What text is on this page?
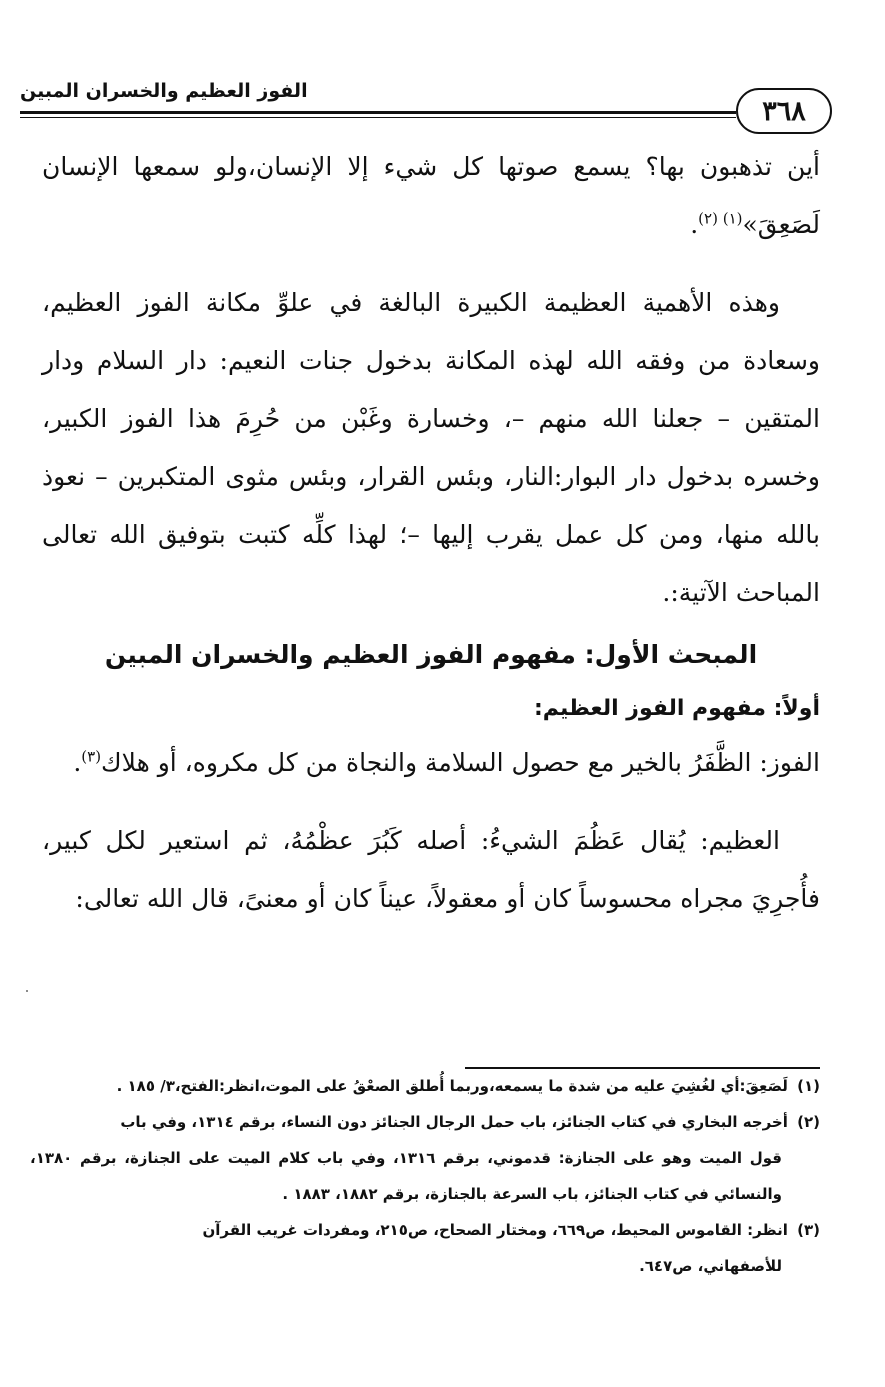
الفوز العظيم والخسران المبين
٣٦٨

أين تذهبون بها؟ يسمع صوتها كل شيء إلا الإنسان،ولو سمعها الإنسان لَصَعِقَ»$^{(١) (٢)}$.

وهذه الأهمية العظيمة الكبيرة البالغة في علوِّ مكانة الفوز العظيم، وسعادة من وفقه الله لهذه المكانة بدخول جنات النعيم: دار السلام ودار المتقين – جعلنا الله منهم –، وخسارة وغَبْن من حُرِمَ هذا الفوز الكبير، وخسره بدخول دار البوار:النار، وبئس القرار، وبئس مثوى المتكبرين – نعوذ بالله منها، ومن كل عمل يقرب إليها –؛ لهذا كلِّه كتبت بتوفيق الله تعالى المباحث الآتية:.

المبحث الأول: مفهوم الفوز العظيم والخسران المبين
أولاً: مفهوم الفوز العظيم:

الفوز: الظَّفَرُ بالخير مع حصول السلامة والنجاة من كل مكروه، أو هلاك$^{(٣)}$.

العظيم: يُقال عَظُمَ الشيءُ: أصله كَبُرَ عظْمُهُ، ثم استعير لكل كبير، فأُجرِيَ مجراه محسوساً كان أو معقولاً، عيناً كان أو معنىً، قال الله تعالى:

(١) لَصَعِقَ:أي لغُشِيَ عليه من شدة ما يسمعه،وربما أُطلق الصعْقُ على الموت،انظر:الفتح،٣/ ١٨٥ .

(٢) أخرجه البخاري في كتاب الجنائز، باب حمل الرجال الجنائز دون النساء، برقم ١٣١٤، وفي باب

قول الميت وهو على الجنازة: قدموني، برقم ١٣١٦، وفي باب كلام الميت على الجنازة، برقم ١٣٨٠، والنسائي في كتاب الجنائز، باب السرعة بالجنازة، برقم ١٨٨٢، ١٨٨٣ .

(٣) انظر: القاموس المحيط، ص٦٦٩، ومختار الصحاح، ص٢١٥، ومفردات غريب القرآن

للأصفهاني، ص٦٤٧.
